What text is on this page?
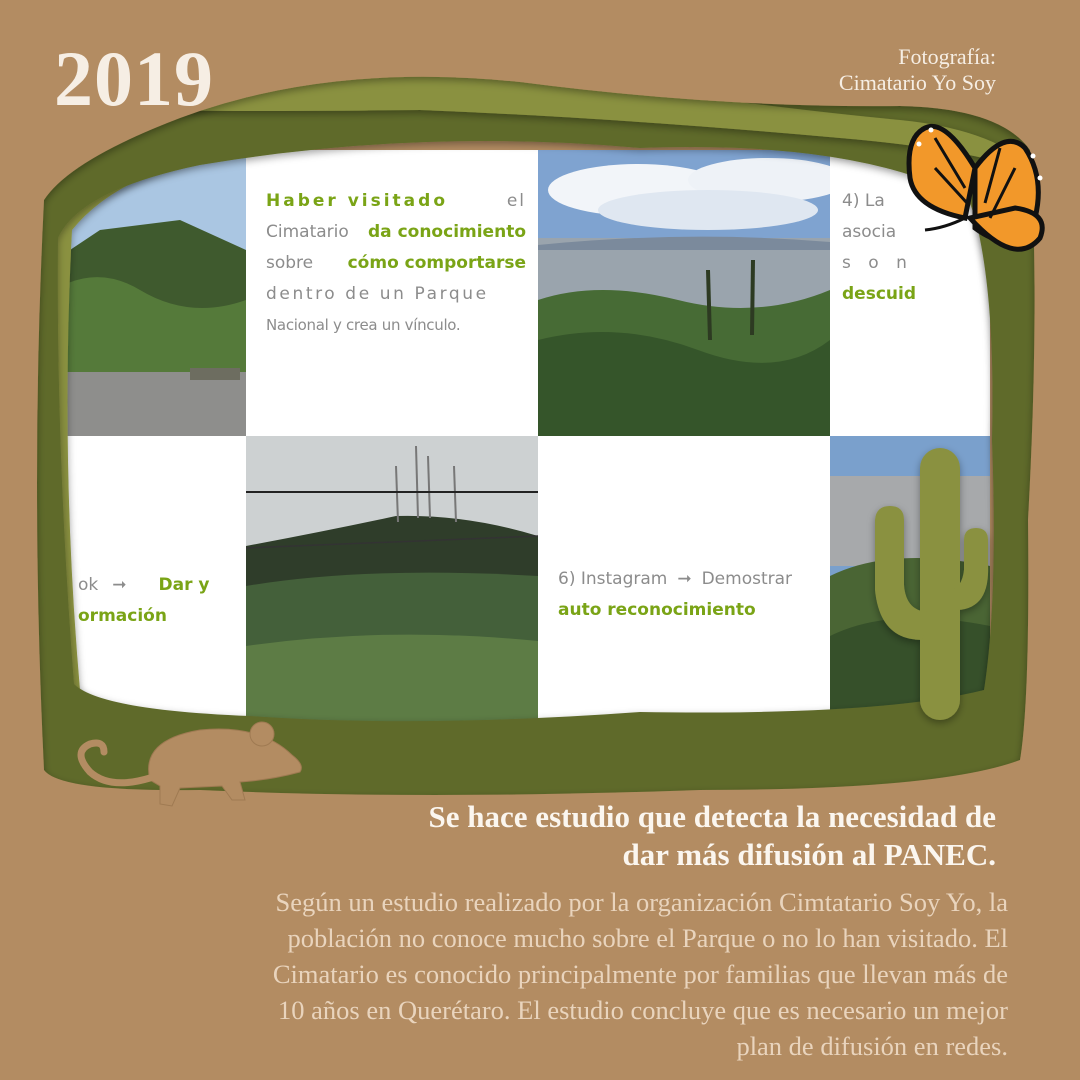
Haber visitado	el
Cimatario da conocimiento
sobre cómo comportarse
dentro de un Parque
Nacional y crea un vínculo.
4) La
asocia
s o n
descuid
ok ➞ Dar y
ormación
6) Instagram ➞ Demostrar
auto reconocimiento
2019	Fotografía:
Cimatario Yo Soy
Se hace estudio que detecta la necesidad de
dar más difusión al PANEC.
Según un estudio realizado por la organización Cimtatario Soy Yo, la
población no conoce mucho sobre el Parque o no lo han visitado. El
Cimatario es conocido principalmente por familias que llevan más de
10 años en Querétaro. El estudio concluye que es necesario un mejor
plan de difusión en redes.
